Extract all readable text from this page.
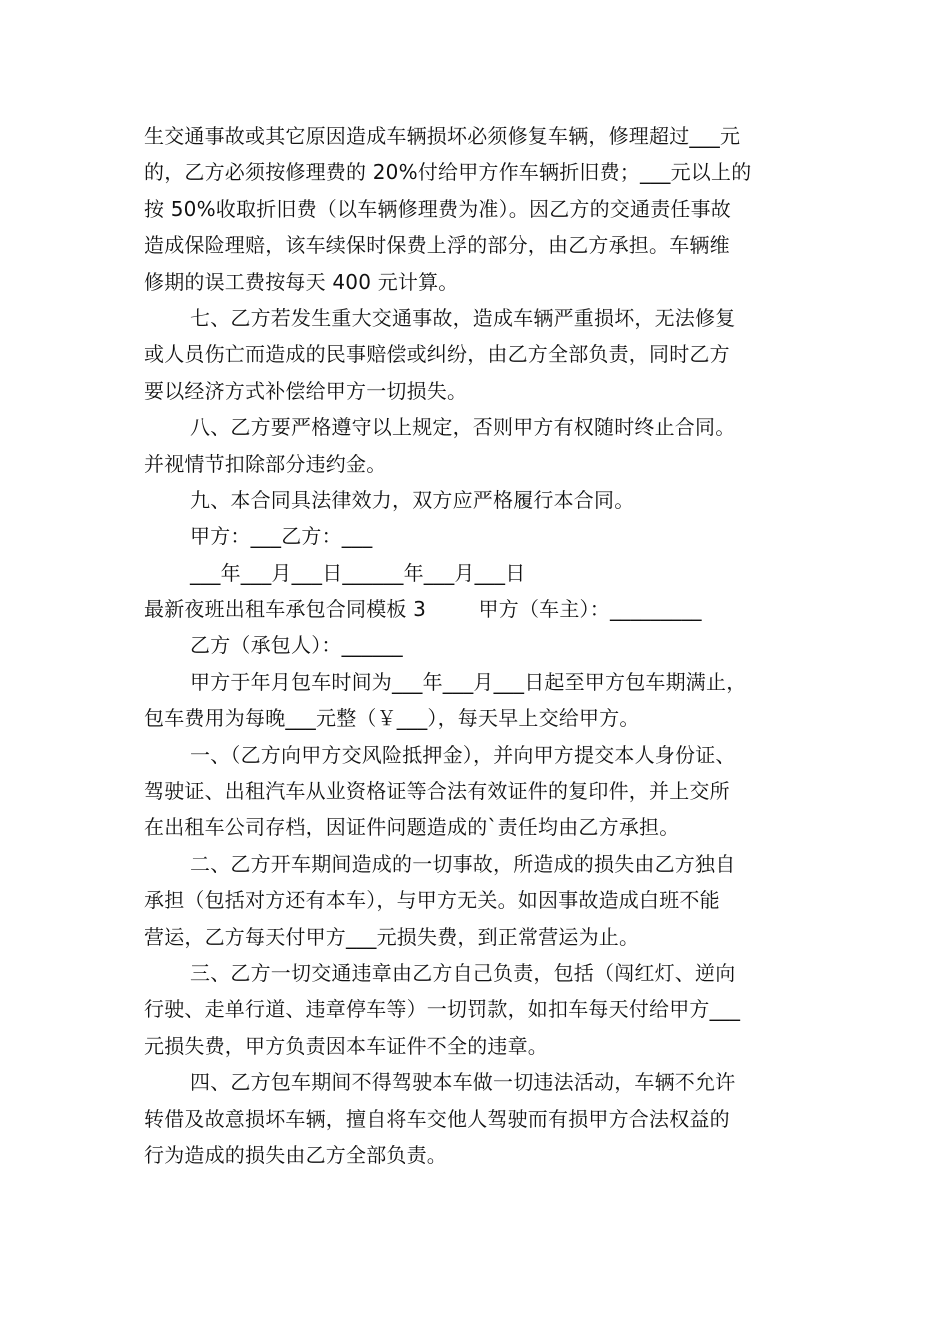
生交通事故或其它原因造成车辆损坏必须修复车辆，修理超过___元
的，乙方必须按修理费的 20%付给甲方作车辆折旧费；___元以上的
按 50%收取折旧费（以车辆修理费为准）。因乙方的交通责任事故
造成保险理赔，该车续保时保费上浮的部分，由乙方承担。车辆维
修期的误工费按每天 400 元计算。
七、乙方若发生重大交通事故，造成车辆严重损坏，无法修复
或人员伤亡而造成的民事赔偿或纠纷，由乙方全部负责，同时乙方
要以经济方式补偿给甲方一切损失。
八、乙方要严格遵守以上规定，否则甲方有权随时终止合同。
并视情节扣除部分违约金。
九、本合同具法律效力，双方应严格履行本合同。
甲方：___乙方：___
___年___月___日______年___月___日
最新夜班出租车承包合同模板 3        甲方（车主）：_________
乙方（承包人）：______
甲方于年月包车时间为___年___月___日起至甲方包车期满止，
包车费用为每晚___元整（￥___），每天早上交给甲方。
一、（乙方向甲方交风险抵押金），并向甲方提交本人身份证、
驾驶证、出租汽车从业资格证等合法有效证件的复印件，并上交所
在出租车公司存档，因证件问题造成的`责任均由乙方承担。
二、乙方开车期间造成的一切事故，所造成的损失由乙方独自
承担（包括对方还有本车），与甲方无关。如因事故造成白班不能
营运，乙方每天付甲方___元损失费，到正常营运为止。
三、乙方一切交通违章由乙方自己负责，包括（闯红灯、逆向
行驶、走单行道、违章停车等）一切罚款，如扣车每天付给甲方___
元损失费，甲方负责因本车证件不全的违章。
四、乙方包车期间不得驾驶本车做一切违法活动，车辆不允许
转借及故意损坏车辆，擅自将车交他人驾驶而有损甲方合法权益的
行为造成的损失由乙方全部负责。
